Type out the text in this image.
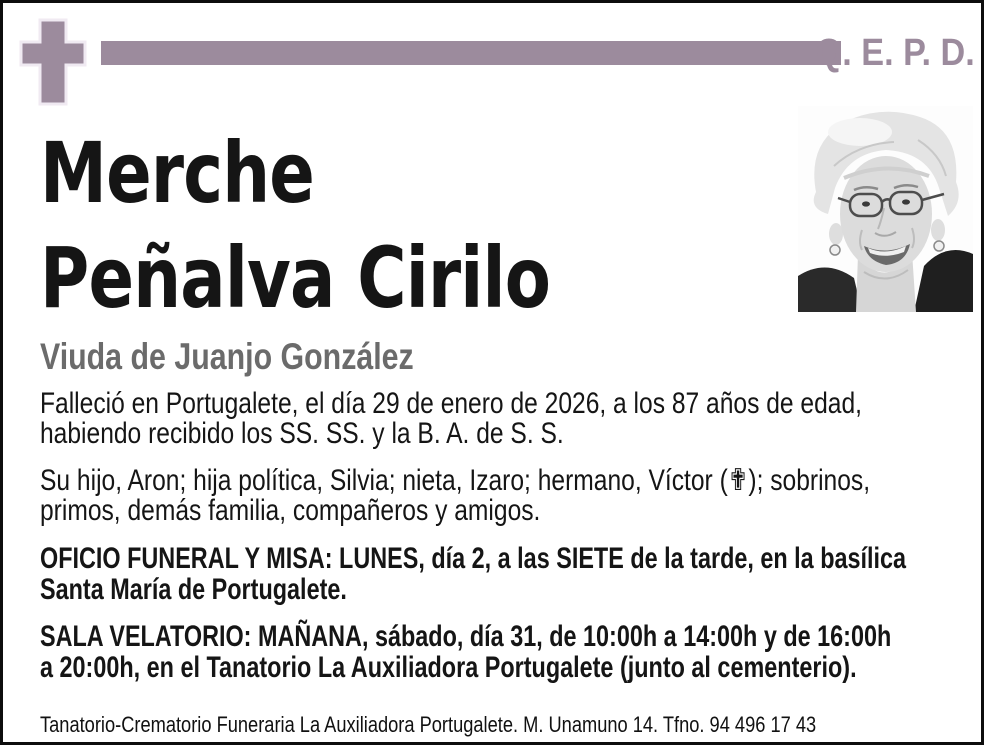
Q. E. P. D.
Merche
Peñalva Cirilo
Viuda de Juanjo González
Falleció en Portugalete, el día 29 de enero de 2026, a los 87 años de edad,
habiendo recibido los SS. SS. y la B. A. de S. S.
Su hijo, Aron; hija política, Silvia; nieta, Izaro; hermano, Víctor (✟); sobrinos,
primos, demás familia, compañeros y amigos.
OFICIO FUNERAL Y MISA: LUNES, día 2, a las SIETE de la tarde, en la basílica
Santa María de Portugalete.
SALA VELATORIO: MAÑANA, sábado, día 31, de 10:00h a 14:00h y de 16:00h
a 20:00h, en el Tanatorio La Auxiliadora Portugalete (junto al cementerio).
Tanatorio-Crematorio Funeraria La Auxiliadora Portugalete. M. Unamuno 14. Tfno. 94 496 17 43
